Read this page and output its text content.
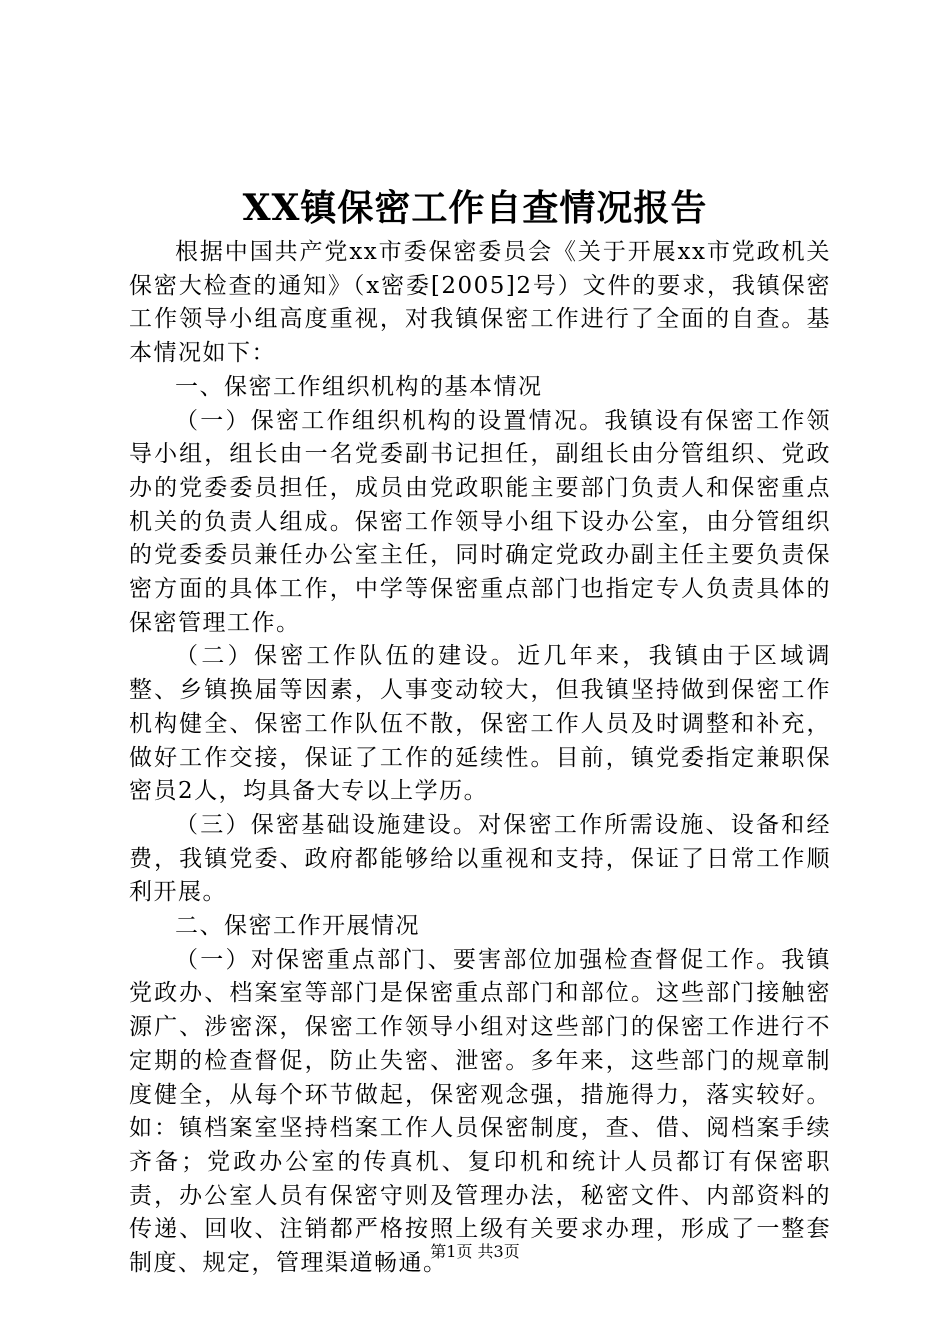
XX镇保密工作自查情况报告

根据中国共产党xx市委保密委员会《关于开展xx市党政机关保密大检查的通知》（x密委[2005]2号）文件的要求，我镇保密工作领导小组高度重视，对我镇保密工作进行了全面的自查。基本情况如下：

一、保密工作组织机构的基本情况

（一）保密工作组织机构的设置情况。我镇设有保密工作领导小组，组长由一名党委副书记担任，副组长由分管组织、党政办的党委委员担任，成员由党政职能主要部门负责人和保密重点机关的负责人组成。保密工作领导小组下设办公室，由分管组织的党委委员兼任办公室主任，同时确定党政办副主任主要负责保密方面的具体工作，中学等保密重点部门也指定专人负责具体的保密管理工作。

（二）保密工作队伍的建设。近几年来，我镇由于区域调整、乡镇换届等因素，人事变动较大，但我镇坚持做到保密工作机构健全、保密工作队伍不散，保密工作人员及时调整和补充，做好工作交接，保证了工作的延续性。目前，镇党委指定兼职保密员2人，均具备大专以上学历。

（三）保密基础设施建设。对保密工作所需设施、设备和经费，我镇党委、政府都能够给以重视和支持，保证了日常工作顺利开展。

二、保密工作开展情况

（一）对保密重点部门、要害部位加强检查督促工作。我镇党政办、档案室等部门是保密重点部门和部位。这些部门接触密源广、涉密深，保密工作领导小组对这些部门的保密工作进行不定期的检查督促，防止失密、泄密。多年来，这些部门的规章制度健全，从每个环节做起，保密观念强，措施得力，落实较好。如：镇档案室坚持档案工作人员保密制度，查、借、阅档案手续齐备；党政办公室的传真机、复印机和统计人员都订有保密职责，办公室人员有保密守则及管理办法，秘密文件、内部资料的传递、回收、注销都严格按照上级有关要求办理，形成了一整套制度、规定，管理渠道畅通。

第1页 共3页
